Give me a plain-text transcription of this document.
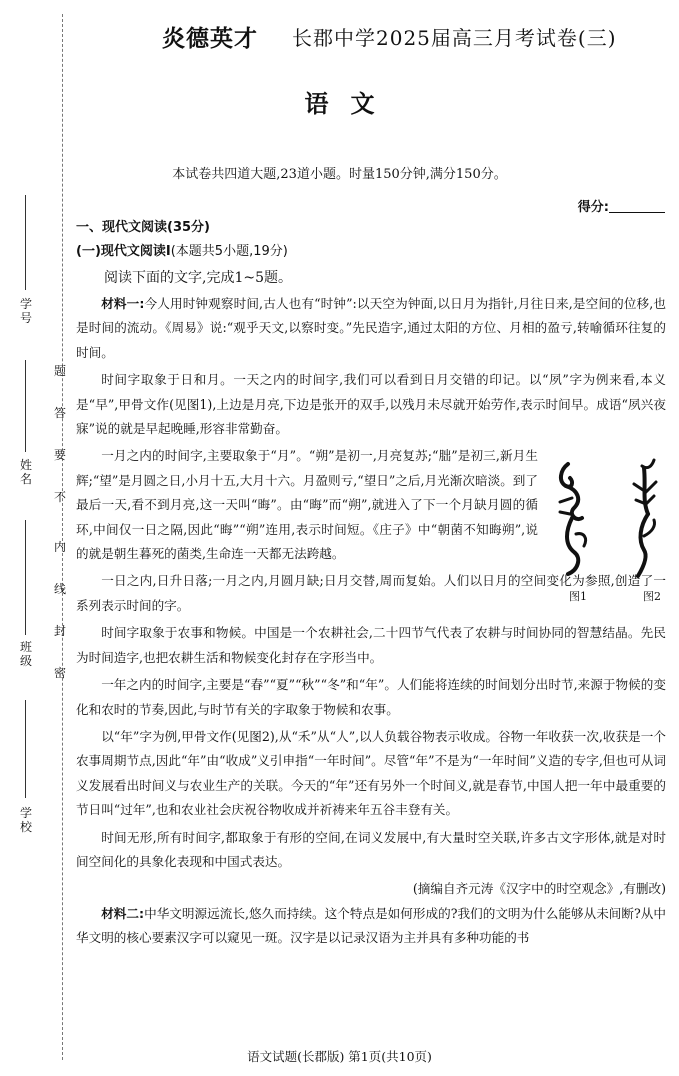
学号
姓名
班级
学校
密
封
线
内
不
要
答
题
炎德英才 长郡中学2025届高三月考试卷(三)
语文
本试卷共四道大题,23道小题。时量150分钟,满分150分。
得分:
一、现代文阅读(35分)
(一)现代文阅读Ⅰ(本题共5小题,19分)
阅读下面的文字,完成1~5题。

材料一:今人用时钟观察时间,古人也有“时钟”:以天空为钟面,以日月为指针,月往日来,是空间的位移,也是时间的流动。《周易》说:“观乎天文,以察时变。”先民造字,通过太阳的方位、月相的盈亏,转喻循环往复的时间。

时间字取象于日和月。一天之内的时间字,我们可以看到日月交错的印记。以“夙”字为例来看,本义是“早”,甲骨文作(见图1),上边是月亮,下边是张开的双手,以残月未尽就开始劳作,表示时间早。成语“夙兴夜寐”说的就是早起晚睡,形容非常勤奋。

一月之内的时间字,主要取象于“月”。“朔”是初一,月亮复苏;“朏”是初三,新月生辉;“望”是月圆之日,小月十五,大月十六。月盈则亏,“望日”之后,月光渐次暗淡。到了最后一天,看不到月亮,这一天叫“晦”。由“晦”而“朔”,就进入了下一个月缺月圆的循环,中间仅一日之隔,因此“晦”“朔”连用,表示时间短。《庄子》中“朝菌不知晦朔”,说的就是朝生暮死的菌类,生命连一天都无法跨越。

一日之内,日升日落;一月之内,月圆月缺;日月交替,周而复始。人们以日月的空间变化为参照,创造了一系列表示时间的字。

时间字取象于农事和物候。中国是一个农耕社会,二十四节气代表了农耕与时间协同的智慧结晶。先民为时间造字,也把农耕生活和物候变化封存在字形当中。

一年之内的时间字,主要是“春”“夏”“秋”“冬”和“年”。人们能将连续的时间划分出时节,来源于物候的变化和农时的节奏,因此,与时节有关的字取象于物候和农事。

以“年”字为例,甲骨文作(见图2),从“禾”从“人”,以人负载谷物表示收成。谷物一年收获一次,收获是一个农事周期节点,因此“年”由“收成”义引申指“一年时间”。尽管“年”不是为“一年时间”义造的专字,但也可从词义发展看出时间义与农业生产的关联。今天的“年”还有另外一个时间义,就是春节,中国人把一年中最重要的节日叫“过年”,也和农业社会庆祝谷物收成并祈祷来年五谷丰登有关。

时间无形,所有时间字,都取象于有形的空间,在词义发展中,有大量时空关联,许多古文字形体,就是对时间空间化的具象化表现和中国式表达。

(摘编自齐元涛《汉字中的时空观念》,有删改)

材料二:中华文明源远流长,悠久而持续。这个特点是如何形成的?我们的文明为什么能够从未间断?从中华文明的核心要素汉字可以窥见一斑。汉字是以记录汉语为主并具有多种功能的书

图1	图2
语文试题(长郡版) 第1页(共10页)
